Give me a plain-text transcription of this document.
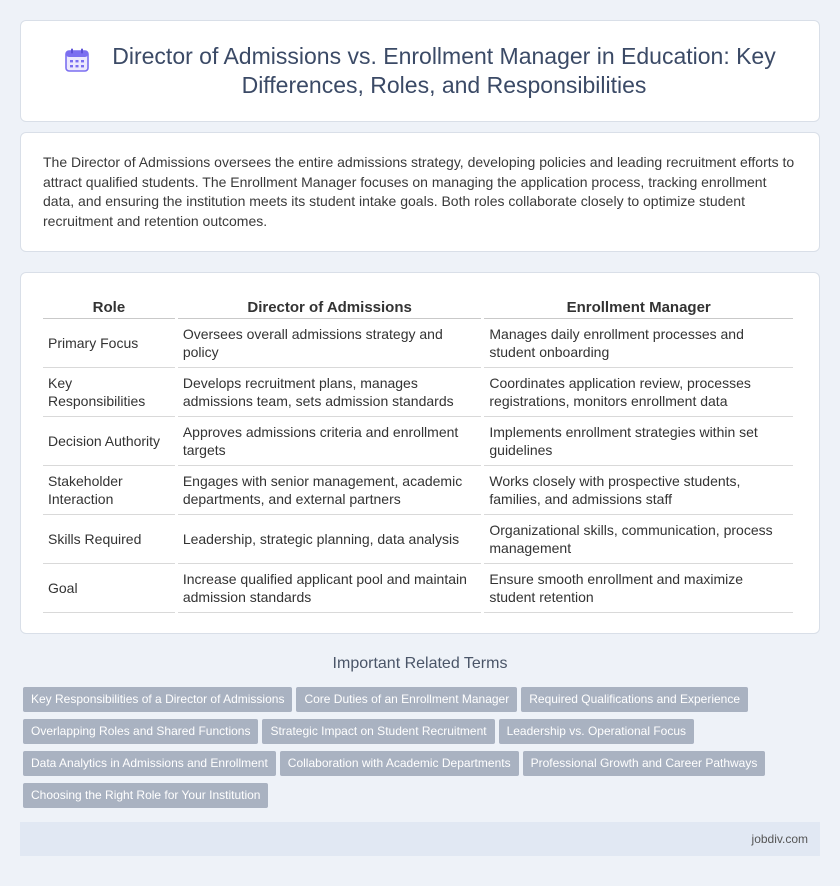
Director of Admissions vs. Enrollment Manager in Education: Key
Differences, Roles, and Responsibilities

The Director of Admissions oversees the entire admissions strategy, developing policies and leading recruitment efforts to attract qualified students. The Enrollment Manager focuses on managing the application process, tracking enrollment data, and ensuring the institution meets its student intake goals. Both roles collaborate closely to optimize student recruitment and retention outcomes.

Role	Director of Admissions	Enrollment Manager
Primary Focus	Oversees overall admissions strategy and policy	Manages daily enrollment processes and student onboarding
Key Responsibilities	Develops recruitment plans, manages admissions team, sets admission standards	Coordinates application review, processes registrations, monitors enrollment data
Decision Authority	Approves admissions criteria and enrollment targets	Implements enrollment strategies within set guidelines
Stakeholder Interaction	Engages with senior management, academic departments, and external partners	Works closely with prospective students, families, and admissions staff
Skills Required	Leadership, strategic planning, data analysis	Organizational skills, communication, process management
Goal	Increase qualified applicant pool and maintain admission standards	Ensure smooth enrollment and maximize student retention
Important Related Terms
Key Responsibilities of a Director of Admissions Core Duties of an Enrollment Manager Required Qualifications and Experience
Overlapping Roles and Shared Functions Strategic Impact on Student Recruitment Leadership vs. Operational Focus
Data Analytics in Admissions and Enrollment Collaboration with Academic Departments Professional Growth and Career Pathways
Choosing the Right Role for Your Institution
jobdiv.com
